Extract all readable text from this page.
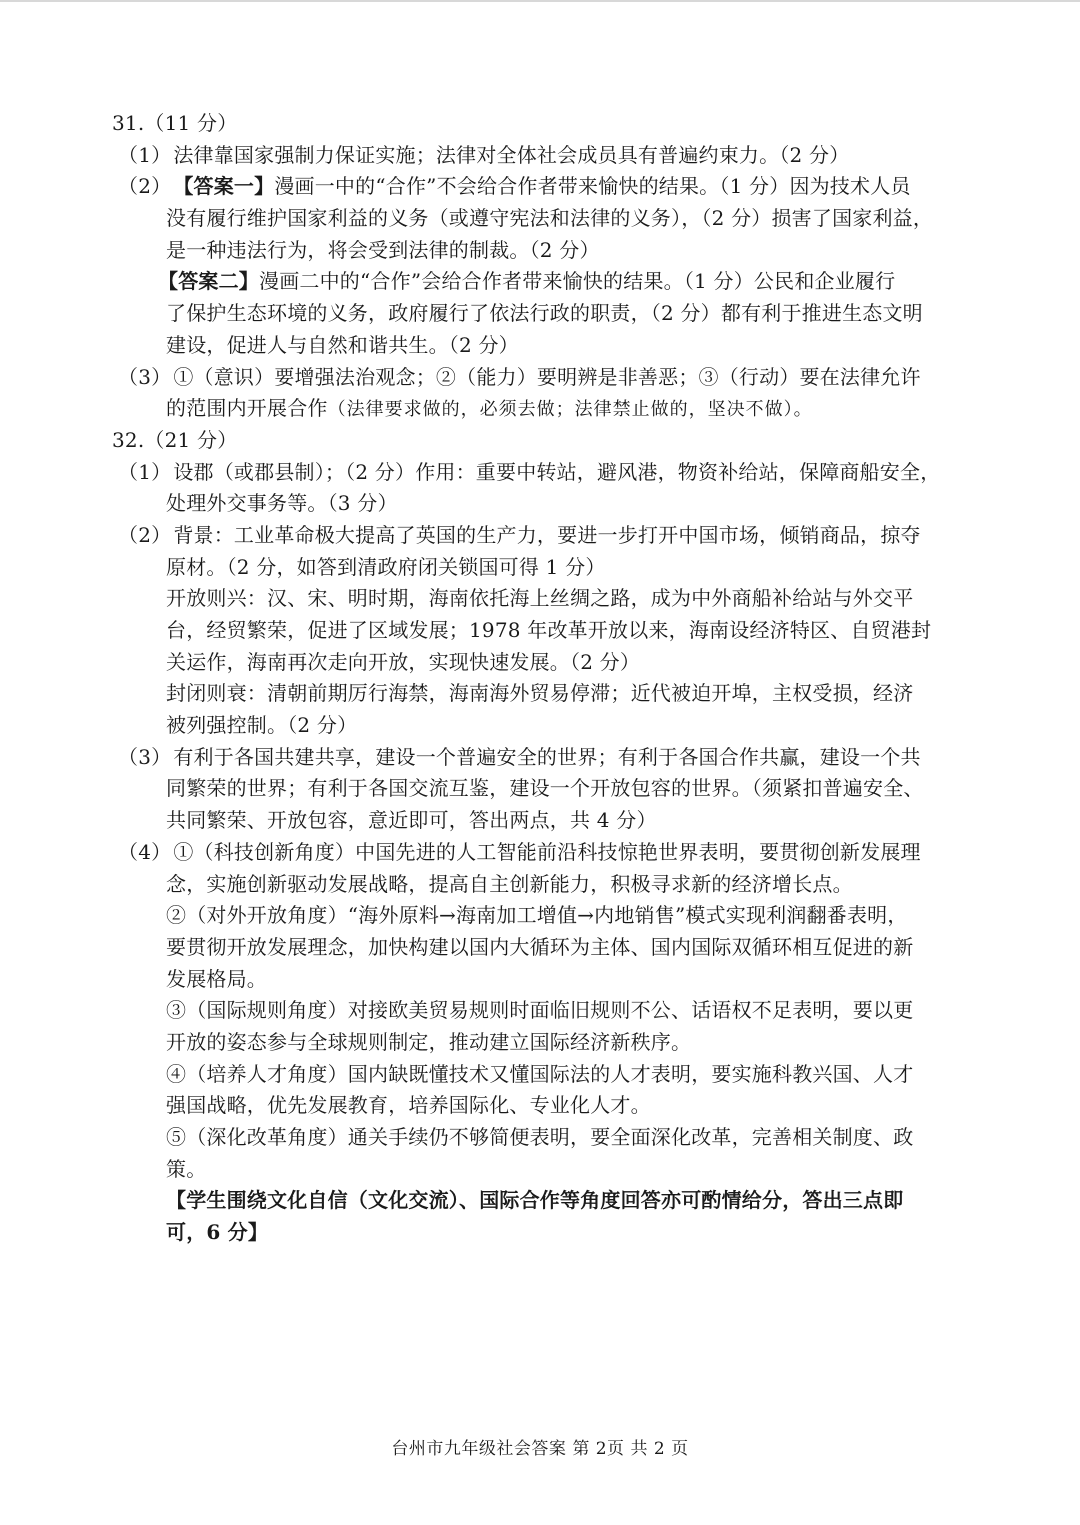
31.（11 分）
（1） 法律靠国家强制力保证实施；法律对全体社会成员具有普遍约束力。（2 分）
（2） 【答案一】漫画一中的“合作”不会给合作者带来愉快的结果。（1 分）因为技术人员
没有履行维护国家利益的义务（或遵守宪法和法律的义务），（2 分）损害了国家利益，
是一种违法行为，将会受到法律的制裁。（2 分）
【答案二】漫画二中的“合作”会给合作者带来愉快的结果。（1 分）公民和企业履行
了保护生态环境的义务，政府履行了依法行政的职责，（2 分）都有利于推进生态文明
建设，促进人与自然和谐共生。（2 分）
（3） ①（意识）要增强法治观念；②（能力）要明辨是非善恶；③（行动）要在法律允许
的范围内开展合作（法律要求做的，必须去做；法律禁止做的，坚决不做）。
32.（21 分）
（1） 设郡（或郡县制）；（2 分）作用：重要中转站，避风港，物资补给站，保障商船安全，
处理外交事务等。（3 分）
（2） 背景：工业革命极大提高了英国的生产力，要进一步打开中国市场，倾销商品，掠夺
原材。（2 分，如答到清政府闭关锁国可得 1 分）
开放则兴：汉、宋、明时期，海南依托海上丝绸之路，成为中外商船补给站与外交平
台，经贸繁荣，促进了区域发展；1978 年改革开放以来，海南设经济特区、自贸港封
关运作，海南再次走向开放，实现快速发展。（2 分）
封闭则衰：清朝前期厉行海禁，海南海外贸易停滞；近代被迫开埠，主权受损，经济
被列强控制。（2 分）
（3） 有利于各国共建共享，建设一个普遍安全的世界；有利于各国合作共赢，建设一个共
同繁荣的世界；有利于各国交流互鉴，建设一个开放包容的世界。（须紧扣普遍安全、
共同繁荣、开放包容，意近即可，答出两点，共 4 分）
（4） ①（科技创新角度）中国先进的人工智能前沿科技惊艳世界表明，要贯彻创新发展理
念，实施创新驱动发展战略，提高自主创新能力，积极寻求新的经济增长点。
②（对外开放角度）“海外原料→海南加工增值→内地销售”模式实现利润翻番表明，
要贯彻开放发展理念，加快构建以国内大循环为主体、国内国际双循环相互促进的新
发展格局。
③（国际规则角度）对接欧美贸易规则时面临旧规则不公、话语权不足表明，要以更
开放的姿态参与全球规则制定，推动建立国际经济新秩序。
④（培养人才角度）国内缺既懂技术又懂国际法的人才表明，要实施科教兴国、人才
强国战略，优先发展教育，培养国际化、专业化人才。
⑤（深化改革角度）通关手续仍不够简便表明，要全面深化改革，完善相关制度、政
策。
【学生围绕文化自信（文化交流）、国际合作等角度回答亦可酌情给分，答出三点即
可，6 分】
台州市九年级社会答案 第 2页 共 2 页
